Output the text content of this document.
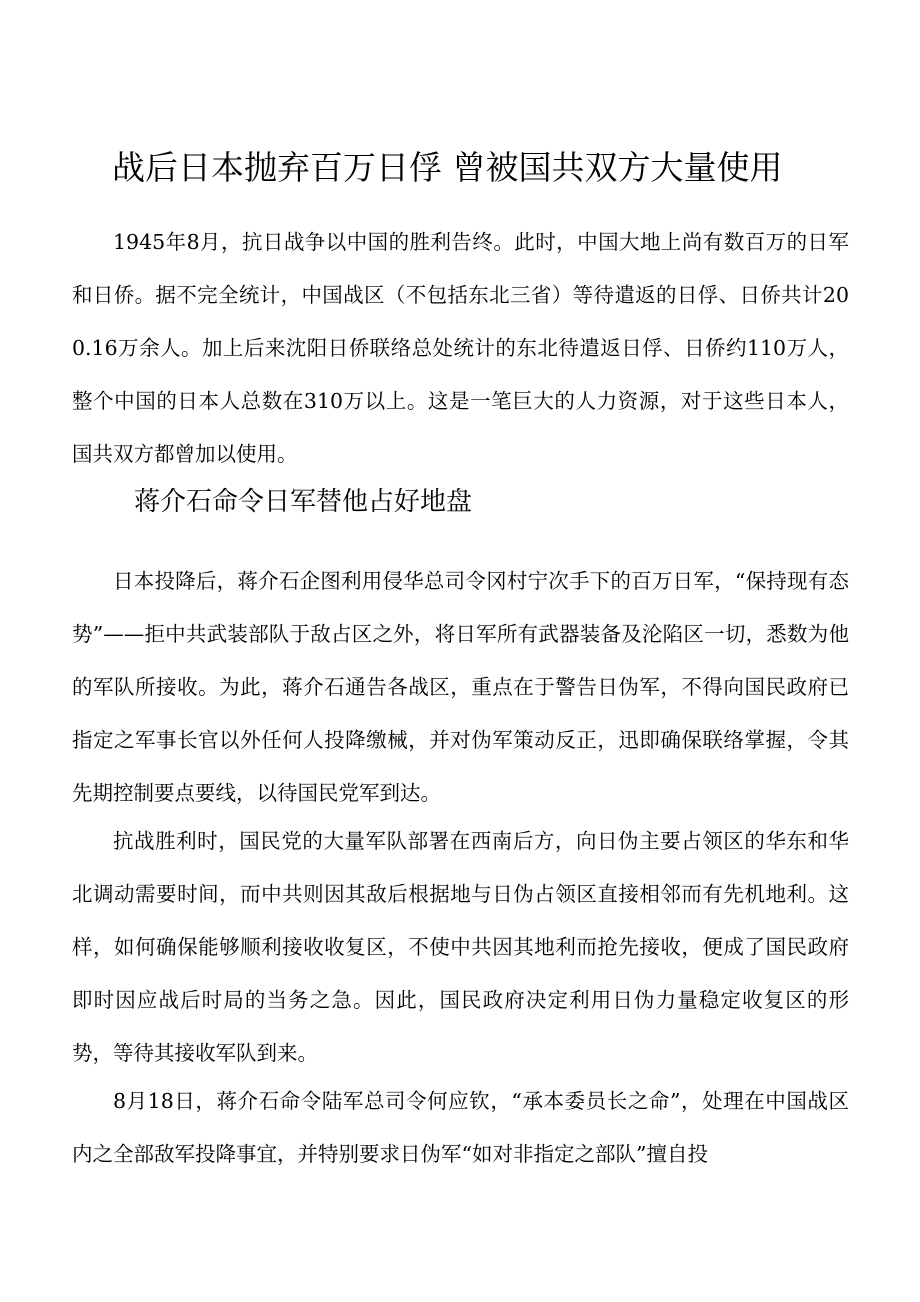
战后日本抛弃百万日俘 曾被国共双方大量使用

1945年8月，抗日战争以中国的胜利告终。此时，中国大地上尚有数百万的日军和日侨。据不完全统计，中国战区（不包括东北三省）等待遣返的日俘、日侨共计200.16万余人。加上后来沈阳日侨联络总处统计的东北待遣返日俘、日侨约110万人，整个中国的日本人总数在310万以上。这是一笔巨大的人力资源，对于这些日本人，国共双方都曾加以使用。

蒋介石命令日军替他占好地盘

日本投降后，蒋介石企图利用侵华总司令冈村宁次手下的百万日军，“保持现有态势”——拒中共武装部队于敌占区之外，将日军所有武器装备及沦陷区一切，悉数为他的军队所接收。为此，蒋介石通告各战区，重点在于警告日伪军，不得向国民政府已指定之军事长官以外任何人投降缴械，并对伪军策动反正，迅即确保联络掌握，令其先期控制要点要线，以待国民党军到达。

抗战胜利时，国民党的大量军队部署在西南后方，向日伪主要占领区的华东和华北调动需要时间，而中共则因其敌后根据地与日伪占领区直接相邻而有先机地利。这样，如何确保能够顺利接收收复区，不使中共因其地利而抢先接收，便成了国民政府即时因应战后时局的当务之急。因此，国民政府决定利用日伪力量稳定收复区的形势，等待其接收军队到来。

8月18日，蒋介石命令陆军总司令何应钦，“承本委员长之命”，处理在中国战区内之全部敌军投降事宜，并特别要求日伪军“如对非指定之部队”擅自投
